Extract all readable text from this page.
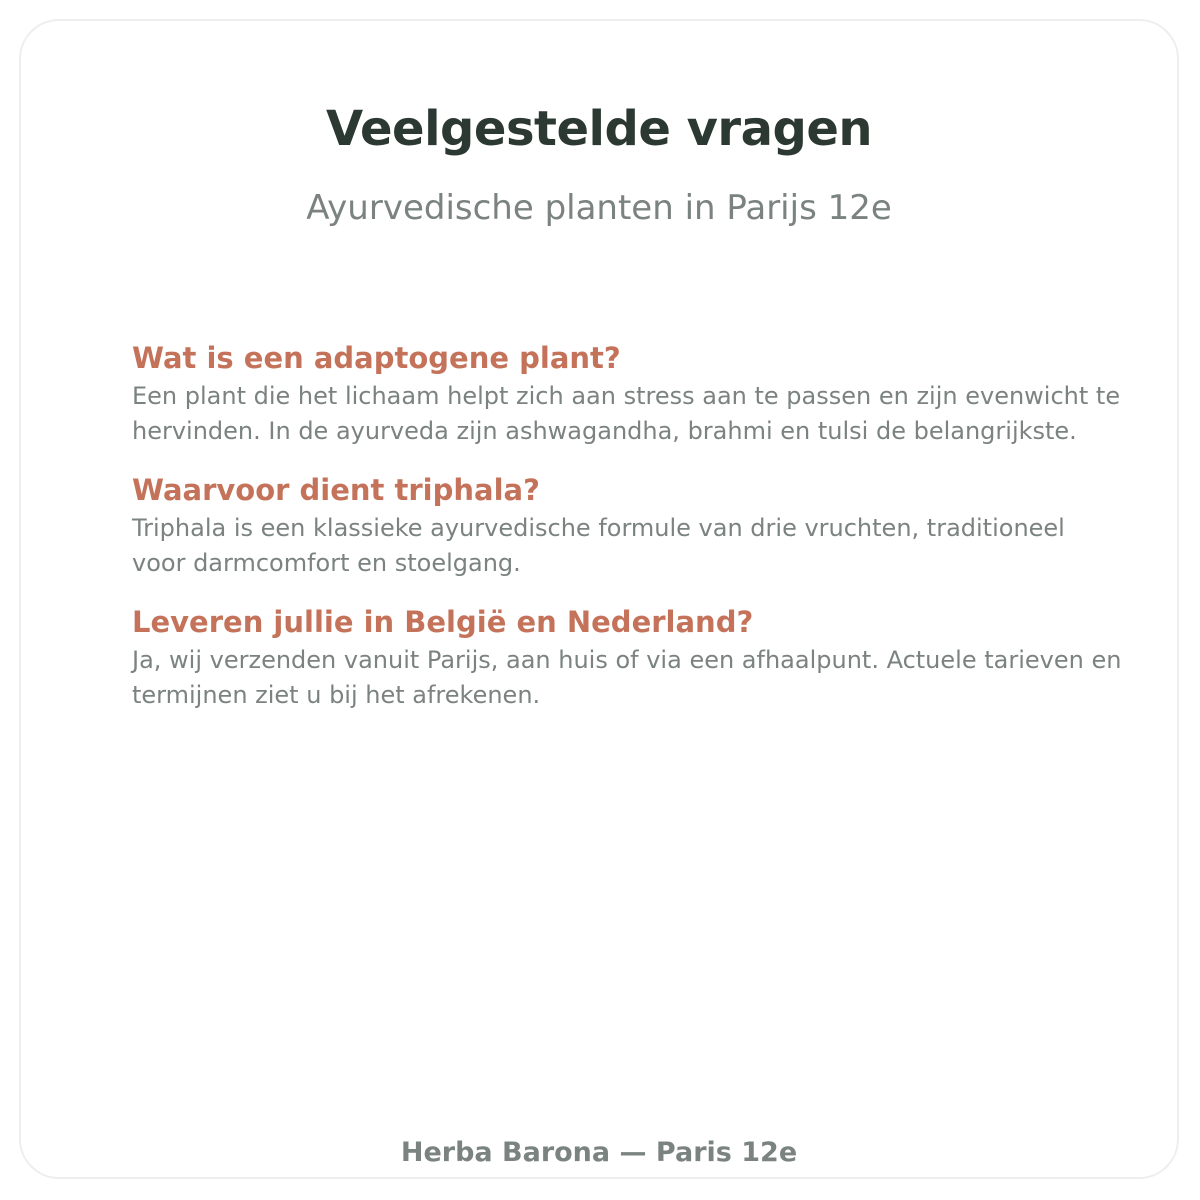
Veelgestelde vragen

Ayurvedische planten in Parijs 12e

Wat is een adaptogene plant?

Een plant die het lichaam helpt zich aan stress aan te passen en zijn evenwicht te hervinden. In de ayurveda zijn ashwagandha, brahmi en tulsi de belangrijkste.

Waarvoor dient triphala?

Triphala is een klassieke ayurvedische formule van drie vruchten, traditioneel voor darmcomfort en stoelgang.

Leveren jullie in België en Nederland?

Ja, wij verzenden vanuit Parijs, aan huis of via een afhaalpunt. Actuele tarieven en termijnen ziet u bij het afrekenen.

Herba Barona — Paris 12e
